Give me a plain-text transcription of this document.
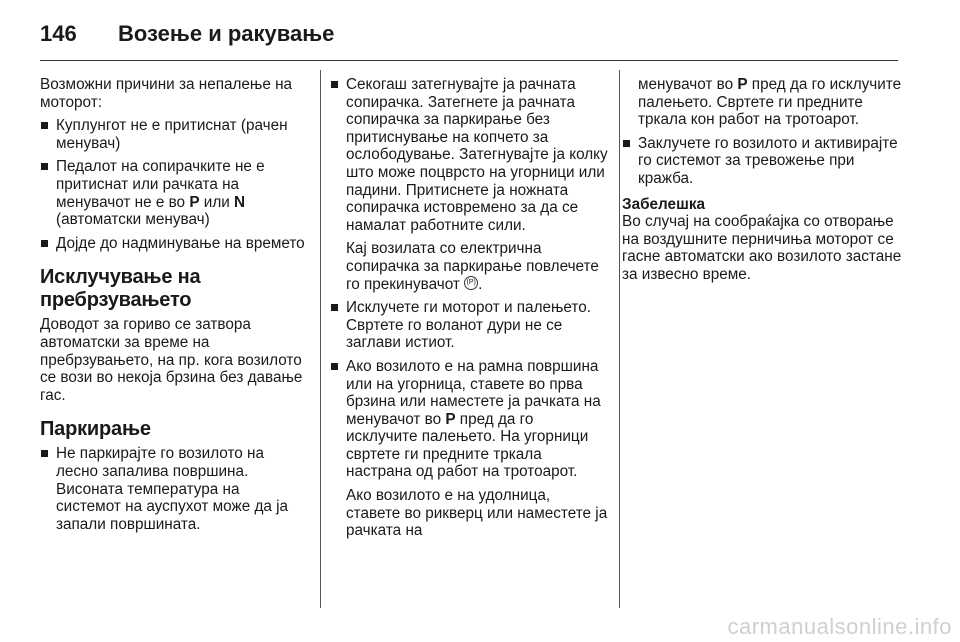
146	Возење и ракување

Возможни причини за непалење на моторот:

Куплунгот не е притиснат (рачен менувач)
Педалот на сопирачките не е притиснат или рачката на менувачот не е во P или N (автоматски менувач)
Дојде до надминување на времето
Исклучување на пребрзувањето

Доводот за гориво се затвора автоматски за време на пребрзувањето, на пр. кога возилото се вози во некоја брзина без давање гас.

Паркирање
Не паркирајте го возилото на лесно запалива површина. Висоната температура на системот на ауспухот може да ја запали површината.
Секогаш затегнувајте ја рачната сопирачка. Затегнете ја рачната сопирачка за паркирање без притиснување на копчето за ослободување. Затегнувајте ја колку што може поцврсто на угорници или падини. Притиснете ја ножната сопирачка истовремено за да се намалат работните сили.
Кај возилата со електрична сопирачка за паркирање повлечете го прекинувачот (P) .
Исклучете ги моторот и палењето. Свртете го воланот дури не се заглави истиот.
Ако возилото е на рамна површина или на угорница, ставете во прва брзина или наместете ја рачката на менувачот во P пред да го исклучите палењето. На угорници свртете ги предните тркала настрана од работ на тротоарот.
Ако возилото е на удолница, ставете во рикверц или наместете ја рачката на
менувачот во P пред да го исклучите палењето. Свртете ги предните тркала кон работ на тротоарот.
Заклучете го возилото и активирајте го системот за тревожење при кражба.
Забелешка

Во случај на сообраќајка со отворање на воздушните перничиња моторот се гасне автоматски ако возилото застане за извесно време.

carmanualsonline.info
